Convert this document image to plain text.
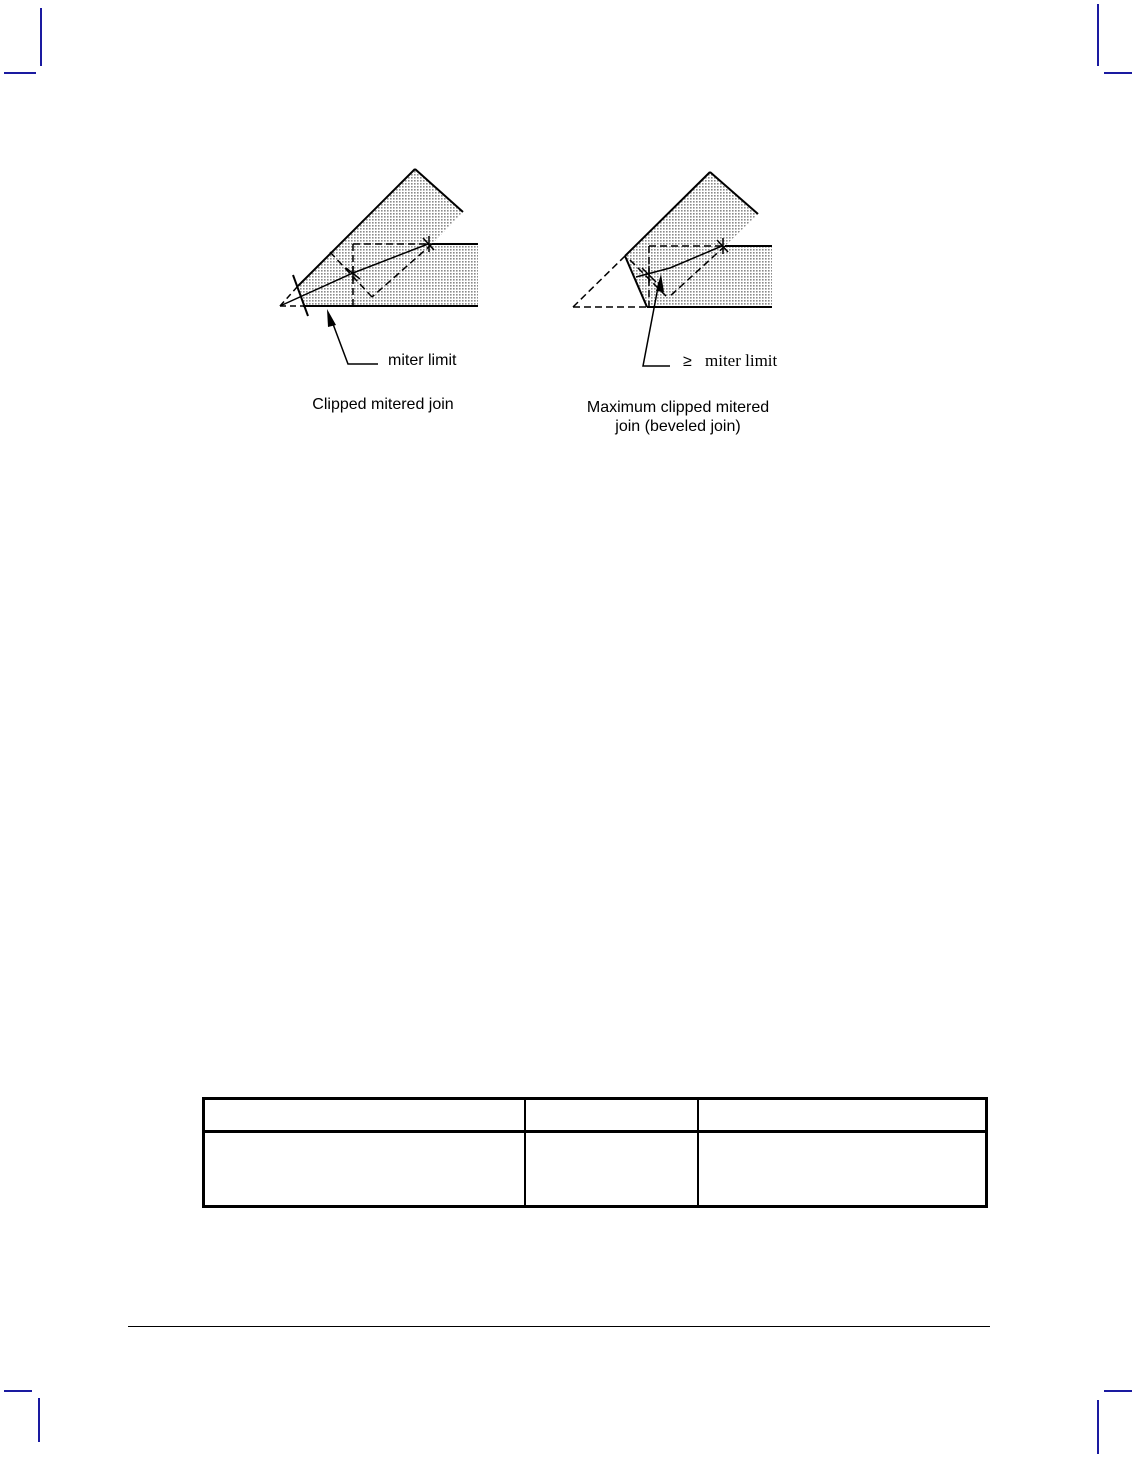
miter limit	≥ miter limit
Clipped mitered join	Maximum clipped mitered
join (beveled join)
